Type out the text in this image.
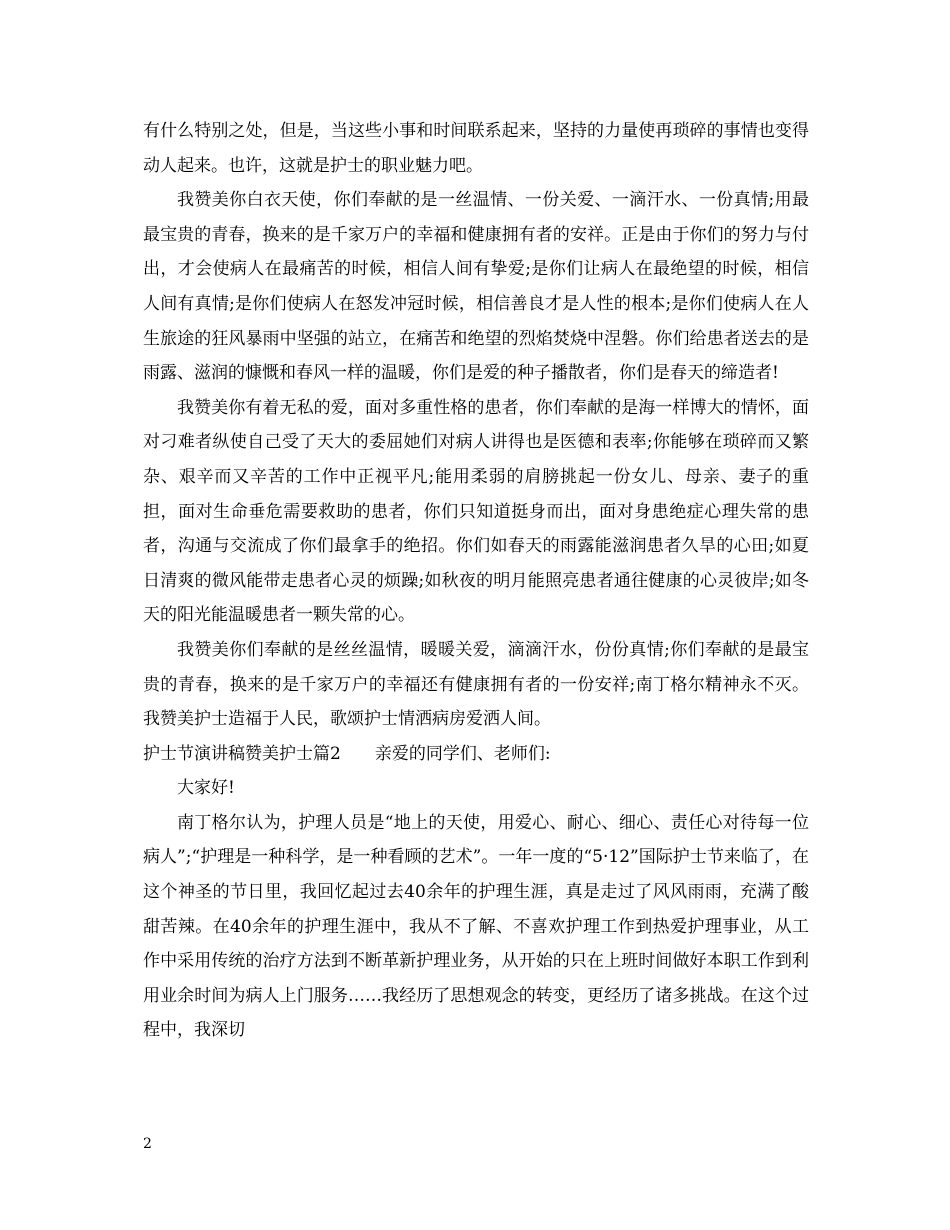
有什么特别之处，但是，当这些小事和时间联系起来，坚持的力量使再琐碎的事情也变得动人起来。也许，这就是护士的职业魅力吧。

我赞美你白衣天使，你们奉献的是一丝温情、一份关爱、一滴汗水、一份真情;用最最宝贵的青春，换来的是千家万户的幸福和健康拥有者的安祥。正是由于你们的努力与付出，才会使病人在最痛苦的时候，相信人间有挚爱;是你们让病人在最绝望的时候，相信人间有真情;是你们使病人在怒发冲冠时候，相信善良才是人性的根本;是你们使病人在人生旅途的狂风暴雨中坚强的站立，在痛苦和绝望的烈焰焚烧中涅磐。你们给患者送去的是雨露、滋润的慷慨和春风一样的温暖，你们是爱的种子播散者，你们是春天的缔造者!

我赞美你有着无私的爱，面对多重性格的患者，你们奉献的是海一样博大的情怀，面对刁难者纵使自己受了天大的委屈她们对病人讲得也是医德和表率;你能够在琐碎而又繁杂、艰辛而又辛苦的工作中正视平凡;能用柔弱的肩膀挑起一份女儿、母亲、妻子的重担，面对生命垂危需要救助的患者，你们只知道挺身而出，面对身患绝症心理失常的患者，沟通与交流成了你们最拿手的绝招。你们如春天的雨露能滋润患者久旱的心田;如夏日清爽的微风能带走患者心灵的烦躁;如秋夜的明月能照亮患者通往健康的心灵彼岸;如冬天的阳光能温暖患者一颗失常的心。

我赞美你们奉献的是丝丝温情，暖暖关爱，滴滴汗水，份份真情;你们奉献的是最宝贵的青春，换来的是千家万户的幸福还有健康拥有者的一份安祥;南丁格尔精神永不灭。我赞美护士造福于人民，歌颂护士情洒病房爱洒人间。

护士节演讲稿赞美护士篇2 亲爱的同学们、老师们:

大家好!

南丁格尔认为，护理人员是“地上的天使，用爱心、耐心、细心、责任心对待每一位病人”;“护理是一种科学，是一种看顾的艺术”。一年一度的“5·12”国际护士节来临了，在这个神圣的节日里，我回忆起过去40余年的护理生涯，真是走过了风风雨雨，充满了酸甜苦辣。在40余年的护理生涯中，我从不了解、不喜欢护理工作到热爱护理事业，从工作中采用传统的治疗方法到不断革新护理业务，从开始的只在上班时间做好本职工作到利用业余时间为病人上门服务……我经历了思想观念的转变，更经历了诸多挑战。在这个过程中，我深切

2
